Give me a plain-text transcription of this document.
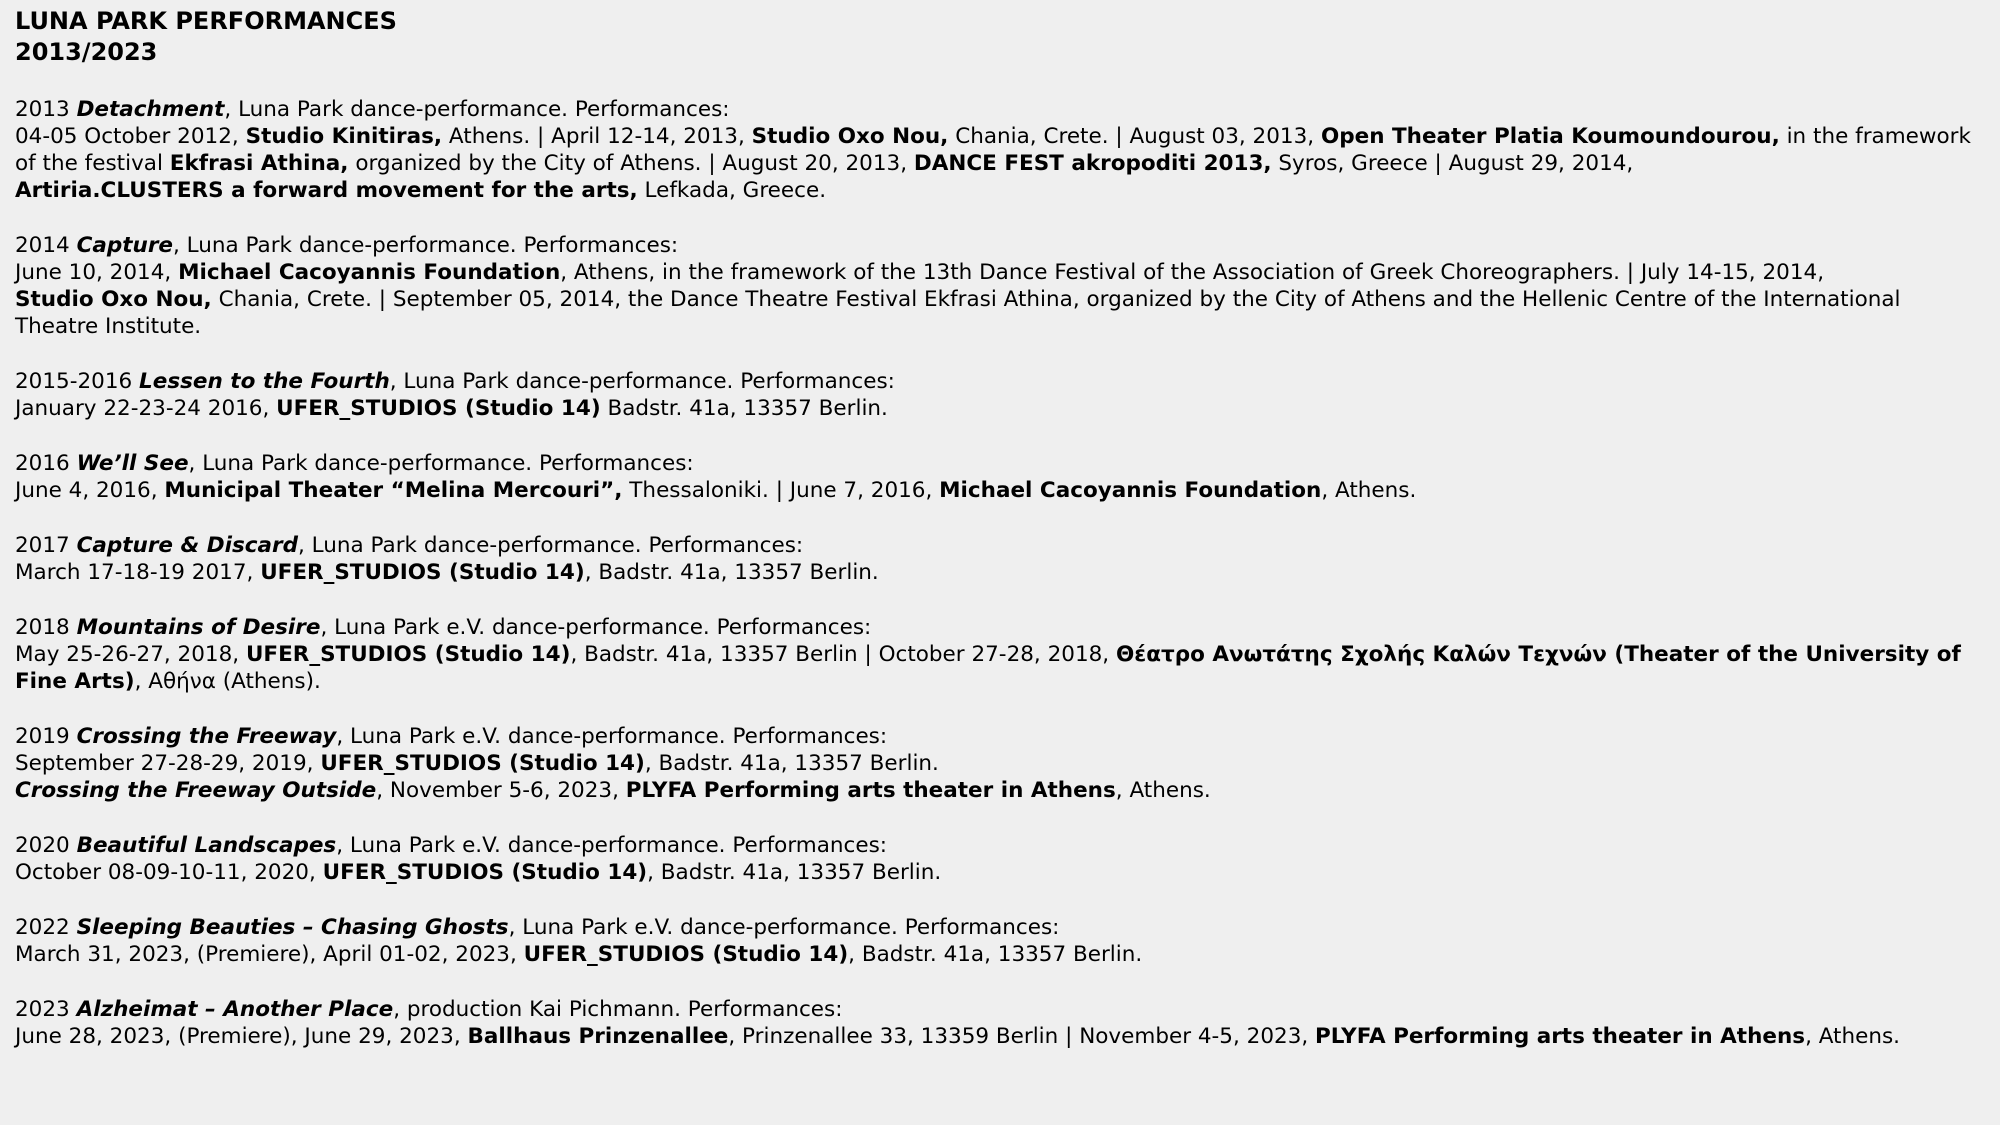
LUNA PARK PERFORMANCES
2013/2023

2013 Detachment, Luna Park dance-performance. Performances:

04-05 October 2012, Studio Kinitiras, Athens. | April 12-14, 2013, Studio Oxo Nou, Chania, Crete. | August 03, 2013, Open Theater Platia Koumoundourou, in the framework of the festival Ekfrasi Athina, organized by the City of Athens. | August 20, 2013, DANCE FEST akropoditi 2013, Syros, Greece | August 29, 2014,
Artiria.CLUSTERS a forward movement for the arts, Lefkada, Greece.

2014 Capture, Luna Park dance-performance. Performances:

June 10, 2014, Michael Cacoyannis Foundation, Athens, in the framework of the 13th Dance Festival of the Association of Greek Choreographers. | July 14-15, 2014,
Studio Oxo Nou, Chania, Crete. | September 05, 2014, the Dance Theatre Festival Ekfrasi Athina, organized by the City of Athens and the Hellenic Centre of the International Theatre Institute.

2015-2016 Lessen to the Fourth, Luna Park dance-performance. Performances:

January 22-23-24 2016, UFER_STUDIOS (Studio 14) Badstr. 41a, 13357 Berlin.

2016 We’ll See, Luna Park dance-performance. Performances:

June 4, 2016, Municipal Theater “Melina Mercouri”, Thessaloniki. | June 7, 2016, Michael Cacoyannis Foundation, Athens.

2017 Capture & Discard, Luna Park dance-performance. Performances:

March 17-18-19 2017, UFER_STUDIOS (Studio 14), Badstr. 41a, 13357 Berlin.

2018 Mountains of Desire, Luna Park e.V. dance-performance. Performances:

May 25-26-27, 2018, UFER_STUDIOS (Studio 14), Badstr. 41a, 13357 Berlin | October 27-28, 2018, Θέατρο Ανωτάτης Σχολής Καλών Τεχνών (Theater of the University of Fine Arts), Αθήνα (Athens).

2019 Crossing the Freeway, Luna Park e.V. dance-performance. Performances:

September 27-28-29, 2019, UFER_STUDIOS (Studio 14), Badstr. 41a, 13357 Berlin.

Crossing the Freeway Outside, November 5-6, 2023, PLYFA Performing arts theater in Athens, Athens.

2020 Beautiful Landscapes, Luna Park e.V. dance-performance. Performances:

October 08-09-10-11, 2020, UFER_STUDIOS (Studio 14), Badstr. 41a, 13357 Berlin.

2022 Sleeping Beauties – Chasing Ghosts, Luna Park e.V. dance-performance. Performances:

March 31, 2023, (Premiere), April 01-02, 2023, UFER_STUDIOS (Studio 14), Badstr. 41a, 13357 Berlin.

2023 Alzheimat – Another Place, production Kai Pichmann. Performances:

June 28, 2023, (Premiere), June 29, 2023, Ballhaus Prinzenallee, Prinzenallee 33, 13359 Berlin | November 4-5, 2023, PLYFA Performing arts theater in Athens, Athens.
